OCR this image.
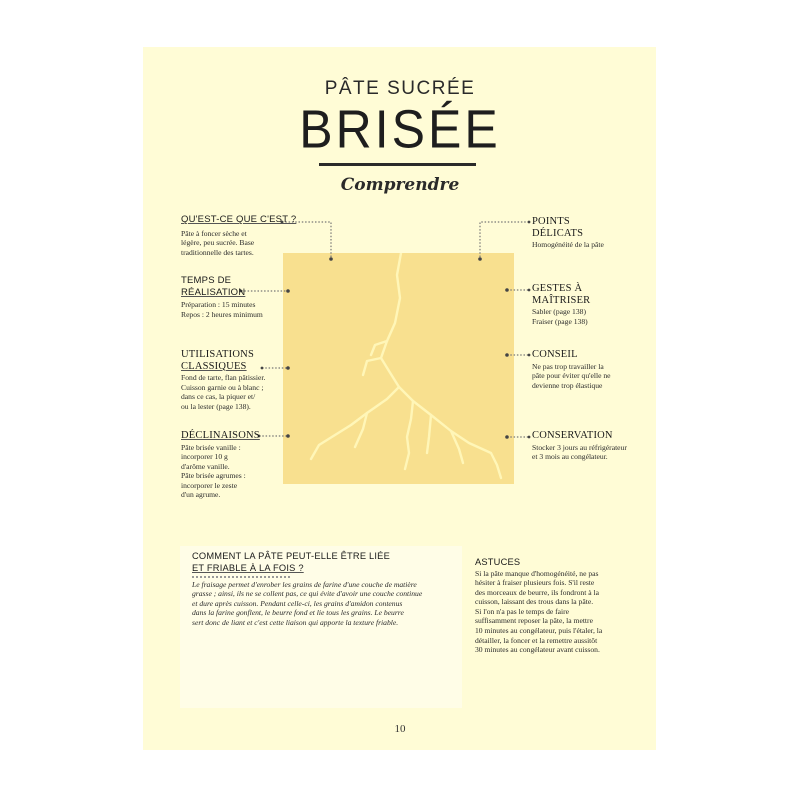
PÂTE SUCRÉE
BRISÉE
Comprendre
QU'EST-CE QUE C'EST ?
Pâte à foncer sèche et
légère, peu sucrée. Base
traditionnelle des tartes.
TEMPS DE
RÉALISATION
Préparation : 15 minutes
Repos : 2 heures minimum
UTILISATIONS
CLASSIQUES
Fond de tarte, flan pâtissier.
Cuisson garnie ou à blanc ;
dans ce cas, la piquer et/
ou la lester (page 138).
DÉCLINAISONS
Pâte brisée vanille :
incorporer 10 g
d'arôme vanille.
Pâte brisée agrumes :
incorporer le zeste
d'un agrume.
POINTS
DÉLICATS
Homogénéité de la pâte
GESTES À
MAÎTRISER
Sabler (page 138)
Fraiser (page 138)
CONSEIL
Ne pas trop travailler la
pâte pour éviter qu'elle ne
devienne trop élastique
CONSERVATION
Stocker 3 jours au réfrigérateur
et 3 mois au congélateur.
COMMENT LA PÂTE PEUT-ELLE ÊTRE LIÉE
ET FRIABLE À LA FOIS ?
Le fraisage permet d'enrober les grains de farine d'une couche de matière
grasse ; ainsi, ils ne se collent pas, ce qui évite d'avoir une couche continue
et dure après cuisson. Pendant celle-ci, les grains d'amidon contenus
dans la farine gonflent, le beurre fond et lie tous les grains. Le beurre
sert donc de liant et c'est cette liaison qui apporte la texture friable.
ASTUCES
Si la pâte manque d'homogénéité, ne pas
hésiter à fraiser plusieurs fois. S'il reste
des morceaux de beurre, ils fondront à la
cuisson, laissant des trous dans la pâte.
Si l'on n'a pas le temps de faire
suffisamment reposer la pâte, la mettre
10 minutes au congélateur, puis l'étaler, la
détailler, la foncer et la remettre aussitôt
30 minutes au congélateur avant cuisson.
10
